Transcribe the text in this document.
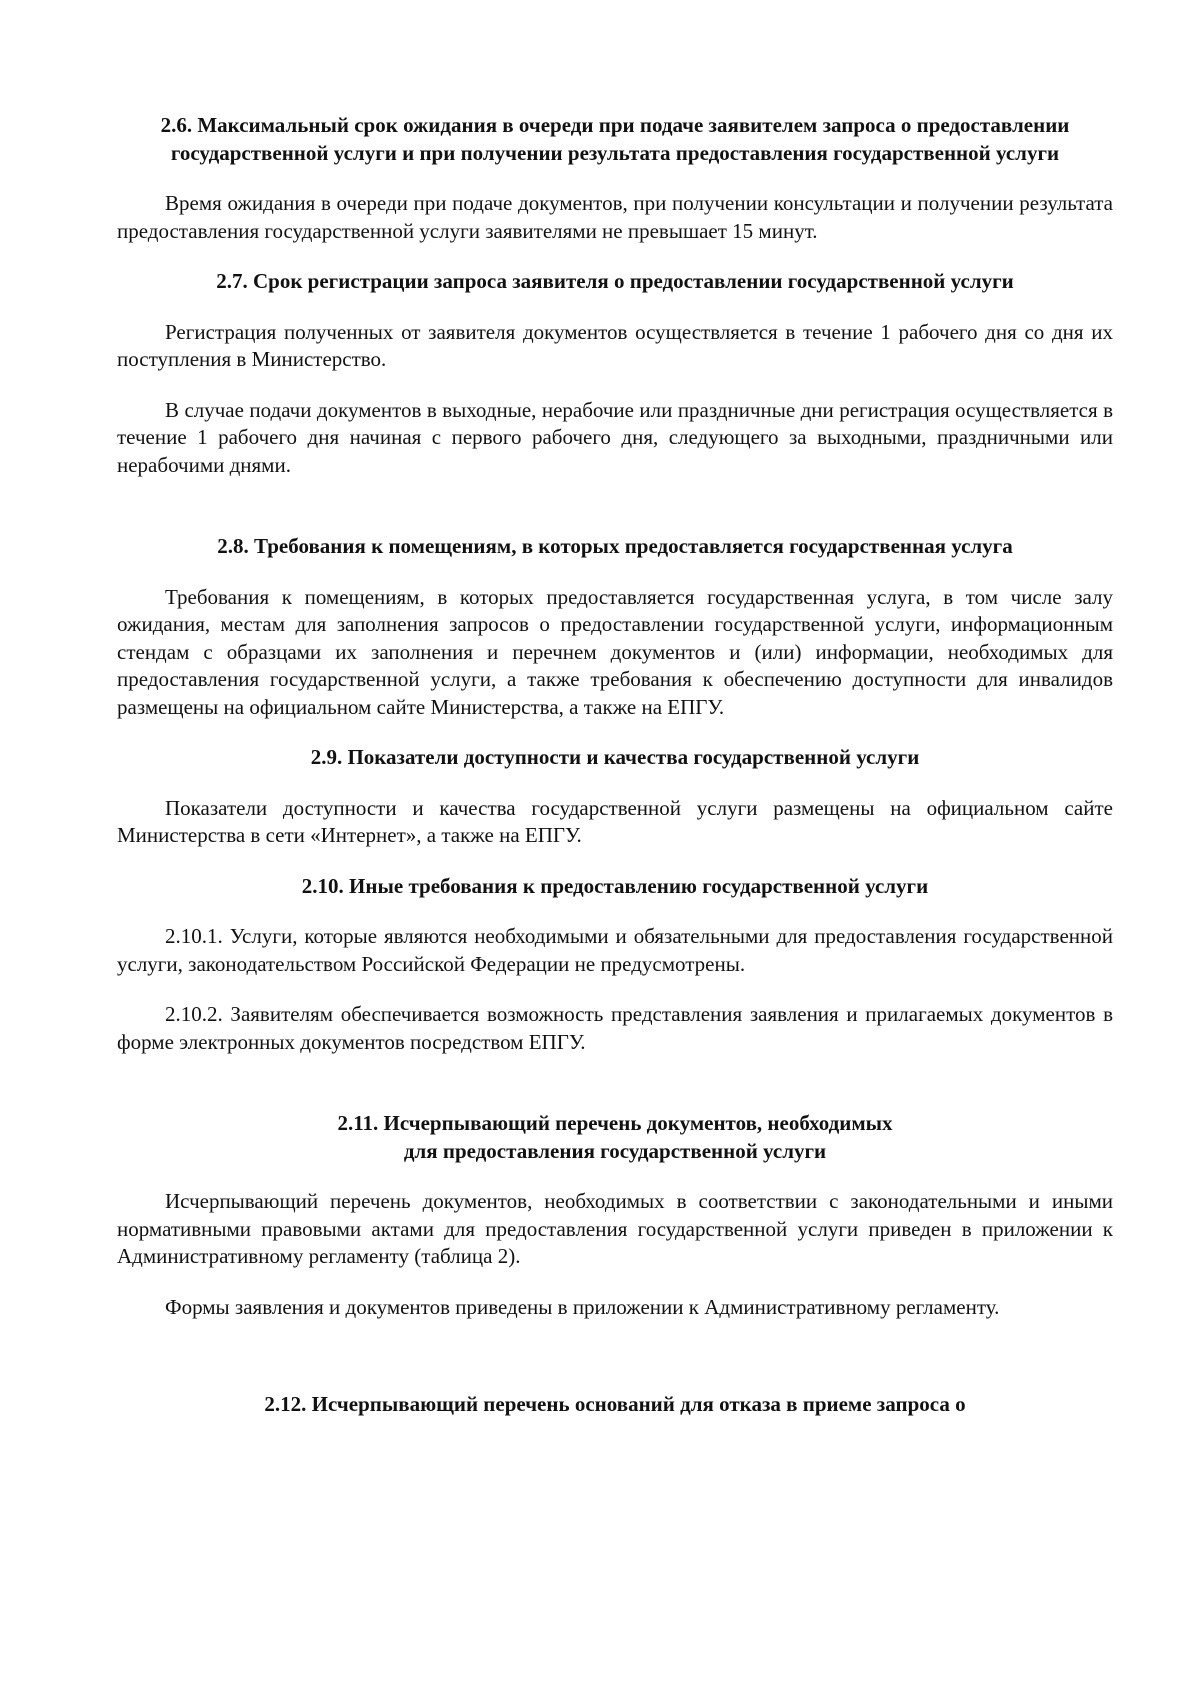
2.6. Максимальный срок ожидания в очереди при подаче заявителем запроса о предоставлении государственной услуги и при получении результата предоставления государственной услуги

Время ожидания в очереди при подаче документов, при получении консультации и получении результата предоставления государственной услуги заявителями не превышает 15 минут.

2.7. Срок регистрации запроса заявителя о предоставлении государственной услуги

Регистрация полученных от заявителя документов осуществляется в течение 1 рабочего дня со дня их поступления в Министерство.

В случае подачи документов в выходные, нерабочие или праздничные дни регистрация осуществляется в течение 1 рабочего дня начиная с первого рабочего дня, следующего за выходными, праздничными или нерабочими днями.

2.8. Требования к помещениям, в которых предоставляется государственная услуга

Требования к помещениям, в которых предоставляется государственная услуга, в том числе залу ожидания, местам для заполнения запросов о предоставлении государственной услуги, информационным стендам с образцами их заполнения и перечнем документов и (или) информации, необходимых для предоставления государственной услуги, а также требования к обеспечению доступности для инвалидов размещены на официальном сайте Министерства, а также на ЕПГУ.

2.9. Показатели доступности и качества государственной услуги

Показатели доступности и качества государственной услуги размещены на официальном сайте Министерства в сети «Интернет», а также на ЕПГУ.

2.10. Иные требования к предоставлению государственной услуги

2.10.1. Услуги, которые являются необходимыми и обязательными для предоставления государственной услуги, законодательством Российской Федерации не предусмотрены.

2.10.2. Заявителям обеспечивается возможность представления заявления и прилагаемых документов в форме электронных документов посредством ЕПГУ.

2.11. Исчерпывающий перечень документов, необходимых
для предоставления государственной услуги

Исчерпывающий перечень документов, необходимых в соответствии с законодательными и иными нормативными правовыми актами для предоставления государственной услуги приведен в приложении к Административному регламенту (таблица 2).

Формы заявления и документов приведены в приложении к Административному регламенту.

2.12. Исчерпывающий перечень оснований для отказа в приеме запроса о
